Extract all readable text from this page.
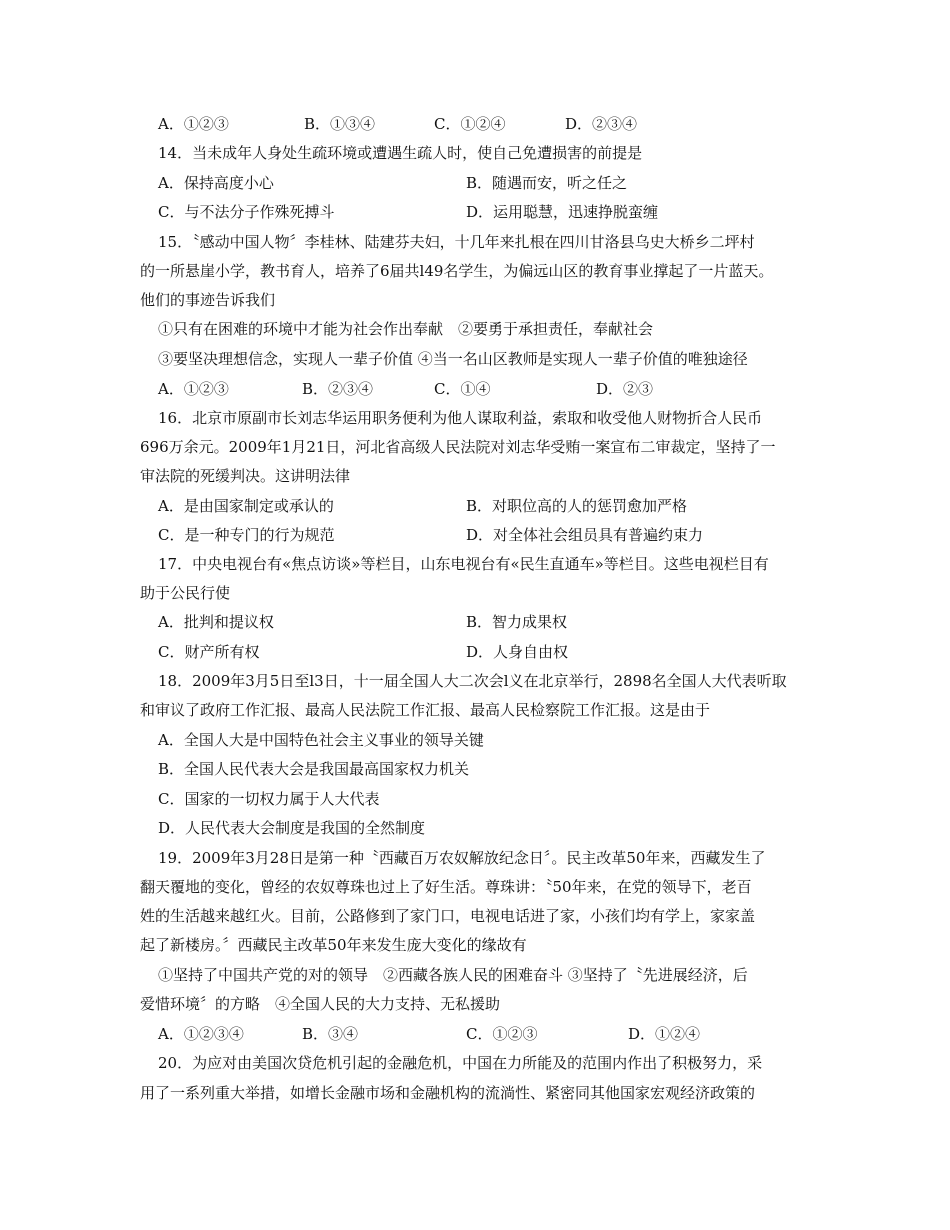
A．①②③	B．①③④	C．①②④	D．②③④
14．当未成年人身处生疏环境或遭遇生疏人时，使自己免遭损害的前提是
A．保持高度小心	B．随遇而安，听之任之
C．与不法分子作殊死搏斗	D．运用聪慧，迅速挣脱蛮缠
15．〝感动中国人物〞李桂林、陆建芬夫妇，十几年来扎根在四川甘洛县乌史大桥乡二坪村
的一所悬崖小学，教书育人，培养了6届共l49名学生，为偏远山区的教育事业撑起了一片蓝天。
他们的事迹告诉我们
①只有在困难的环境中才能为社会作出奉献　②要勇于承担责任，奉献社会
③要坚决理想信念，实现人一辈子价值 ④当一名山区教师是实现人一辈子价值的唯独途径
A．①②③	B．②③④	C．①④	D．②③
16．北京市原副市长刘志华运用职务便利为他人谋取利益，索取和收受他人财物折合人民币
696万余元。2009年1月21日，河北省高级人民法院对刘志华受贿一案宣布二审裁定，坚持了一
审法院的死缓判决。这讲明法律
A．是由国家制定或承认的	B．对职位高的人的惩罚愈加严格
C．是一种专门的行为规范	D．对全体社会组员具有普遍约束力
17．中央电视台有«焦点访谈»等栏目，山东电视台有«民生直通车»等栏目。这些电视栏目有
助于公民行使
A．批判和提议权	B．智力成果权
C．财产所有权	D．人身自由权
18．2009年3月5日至l3日，十一届全国人大二次会l义在北京举行，2898名全国人大代表听取
和审议了政府工作汇报、最高人民法院工作汇报、最高人民检察院工作汇报。这是由于
A．全国人大是中国特色社会主义事业的领导关键
B．全国人民代表大会是我国最高国家权力机关
C．国家的一切权力属于人大代表
D．人民代表大会制度是我国的全然制度
19．2009年3月28日是第一种〝西藏百万农奴解放纪念日〞。民主改革50年来，西藏发生了
翻天覆地的变化，曾经的农奴尊珠也过上了好生活。尊珠讲：〝50年来，在党的领导下，老百
姓的生活越来越红火。目前，公路修到了家门口，电视电话进了家，小孩们均有学上，家家盖
起了新楼房。〞西藏民主改革50年来发生庞大变化的缘故有
①坚持了中国共产党的对的领导　②西藏各族人民的困难奋斗 ③坚持了〝先进展经济，后
爱惜环境〞的方略　④全国人民的大力支持、无私援助
A．①②③④	B．③④	C．①②③	D．①②④
20．为应对由美国次贷危机引起的金融危机，中国在力所能及的范围内作出了积极努力，采
用了一系列重大举措，如增长金融市场和金融机构的流淌性、紧密同其他国家宏观经济政策的
